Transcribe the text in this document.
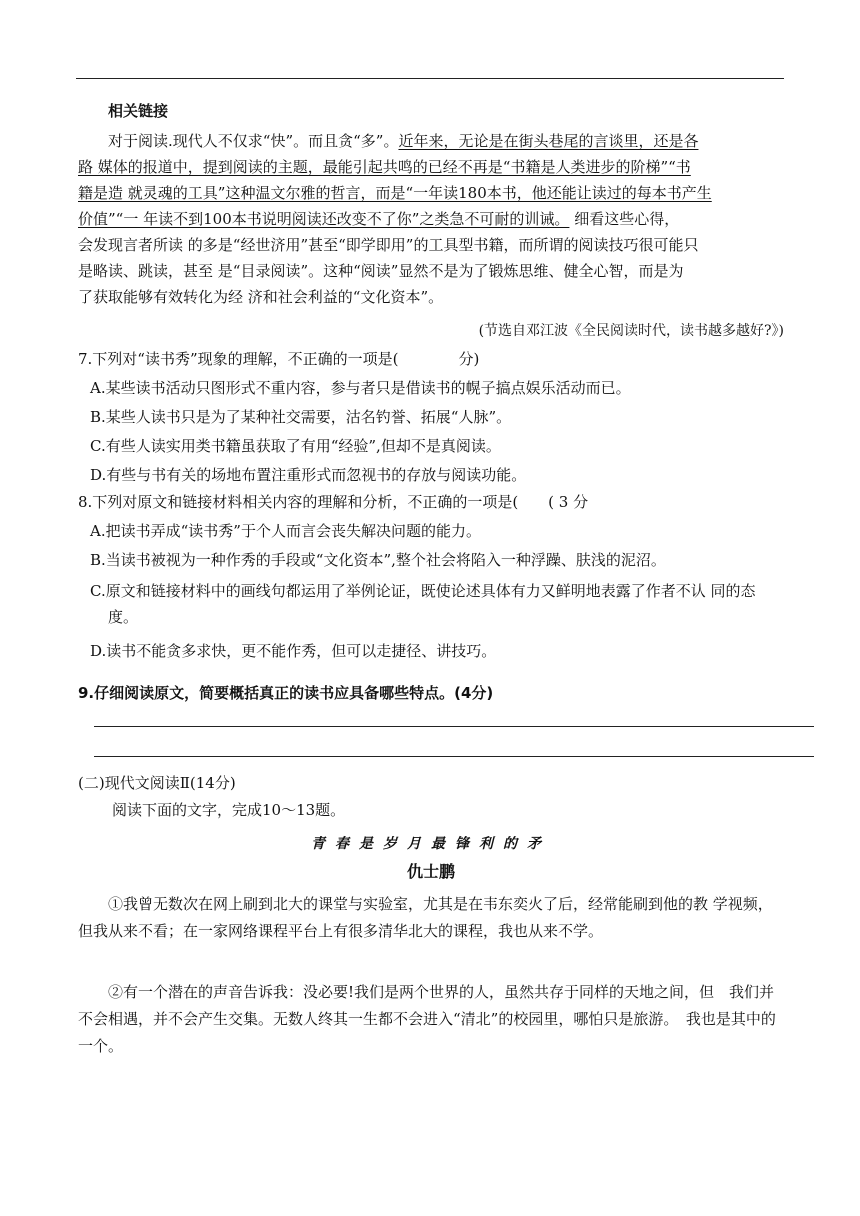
相关链接
对于阅读.现代人不仅求“快”。而且贪“多”。近年来，无论是在街头巷尾的言谈里，还是各
路 媒体的报道中，提到阅读的主题，最能引起共鸣的已经不再是“书籍是人类进步的阶梯”“书
籍是造 就灵魂的工具”这种温文尔雅的哲言，而是“一年读180本书，他还能让读过的每本书产生
价值”“一 年读不到100本书说明阅读还改变不了你”之类急不可耐的训诫。 细看这些心得，
会发现言者所读 的多是“经世济用”甚至“即学即用”的工具型书籍，而所谓的阅读技巧很可能只
是略读、跳读，甚至 是“目录阅读”。这种“阅读”显然不是为了锻炼思维、健全心智，而是为
了获取能够有效转化为经 济和社会利益的“文化资本”。
(节选自邓江波《全民阅读时代，读书越多越好?》)
7.下列对“读书秀”现象的理解，不正确的一项是(　　　　分)
A.某些读书活动只图形式不重内容，参与者只是借读书的幌子搞点娱乐活动而已。
B.某些人读书只是为了某种社交需要，沽名钓誉、拓展“人脉”。
C.有些人读实用类书籍虽获取了有用“经验”,但却不是真阅读。
D.有些与书有关的场地布置注重形式而忽视书的存放与阅读功能。
8.下列对原文和链接材料相关内容的理解和分析，不正确的一项是(　　( 3 分
A.把读书弄成“读书秀”于个人而言会丧失解决问题的能力。
B.当读书被视为一种作秀的手段或“文化资本”,整个社会将陷入一种浮躁、肤浅的泥沼。
C.原文和链接材料中的画线句都运用了举例论证，既使论述具体有力又鲜明地表露了作者不认 同的态度。
D.读书不能贪多求快，更不能作秀，但可以走捷径、讲技巧。
9.仔细阅读原文，简要概括真正的读书应具备哪些特点。(4分)
(二)现代文阅读Ⅱ(14分)
阅读下面的文字，完成10～13题。
青春是岁月最锋利的矛
仇士鹏
①我曾无数次在网上刷到北大的课堂与实验室，尤其是在韦东奕火了后，经常能刷到他的教 学视频，但我从来不看；在一家网络课程平台上有很多清华北大的课程，我也从来不学。
②有一个潜在的声音告诉我：没必要!我们是两个世界的人，虽然共存于同样的天地之间，但　我们并不会相遇，并不会产生交集。无数人终其一生都不会进入“清北”的校园里，哪怕只是旅游。　我也是其中的一个。
